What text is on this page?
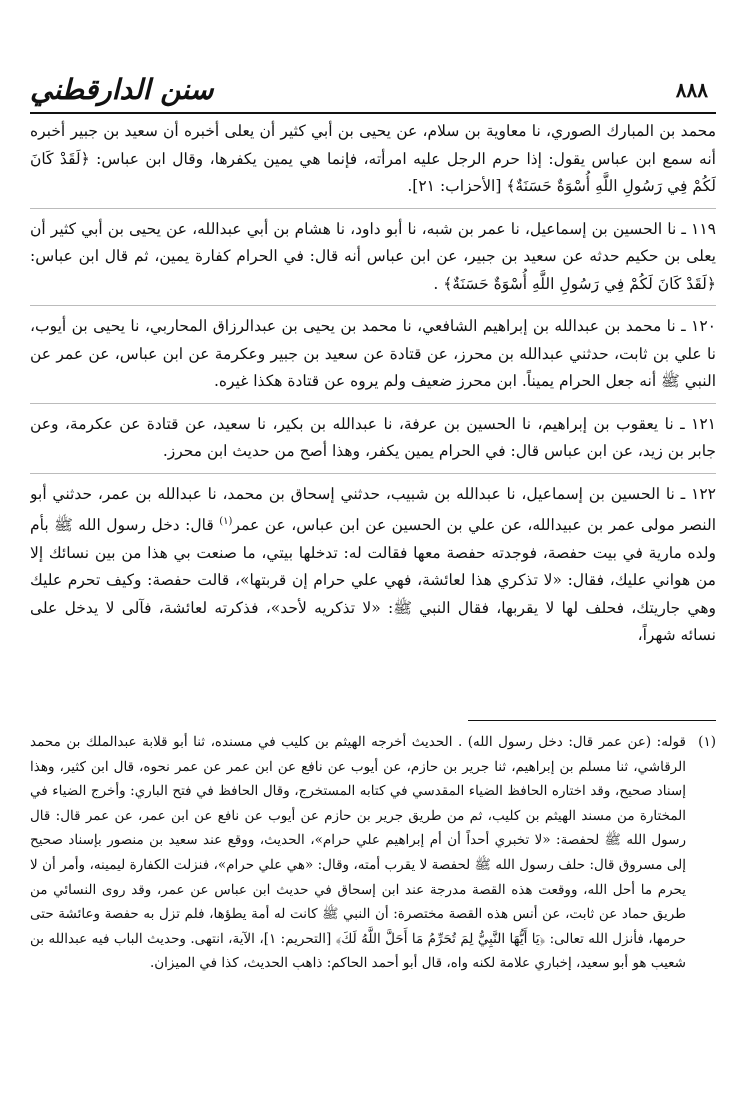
سنن الدارقطني	٨٨٨

محمد بن المبارك الصوري، نا معاوية بن سلام، عن يحيى بن أبي كثير أن يعلى أخبره أن سعيد بن جبير أخبره أنه سمع ابن عباس يقول: إذا حرم الرجل عليه امرأته، فإنما هي يمين يكفرها، وقال ابن عباس: ﴿لَقَدْ كَانَ لَكُمْ فِي رَسُولِ اللَّهِ أُسْوَةٌ حَسَنَةٌ﴾ [الأحزاب: ٢١].

١١٩ ـ نا الحسين بن إسماعيل، نا عمر بن شبه، نا أبو داود، نا هشام بن أبي عبدالله، عن يحيى بن أبي كثير أن يعلى بن حكيم حدثه عن سعيد بن جبير، عن ابن عباس أنه قال: في الحرام كفارة يمين، ثم قال ابن عباس: ﴿لَقَدْ كَانَ لَكُمْ فِي رَسُولِ اللَّهِ أُسْوَةٌ حَسَنَةٌ﴾ .

١٢٠ ـ نا محمد بن عبدالله بن إبراهيم الشافعي، نا محمد بن يحيى بن عبدالرزاق المحاربي، نا يحيى بن أيوب، نا علي بن ثابت، حدثني عبدالله بن محرز، عن قتادة عن سعيد بن جبير وعكرمة عن ابن عباس، عن عمر عن النبي ﷺ أنه جعل الحرام يميناً. ابن محرز ضعيف ولم يروه عن قتادة هكذا غيره.

١٢١ ـ نا يعقوب بن إبراهيم، نا الحسين بن عرفة، نا عبدالله بن بكير، نا سعيد، عن قتادة عن عكرمة، وعن جابر بن زيد، عن ابن عباس قال: في الحرام يمين يكفر، وهذا أصح من حديث ابن محرز.

١٢٢ ـ نا الحسين بن إسماعيل، نا عبدالله بن شبيب، حدثني إسحاق بن محمد، نا عبدالله بن عمر، حدثني أبو النصر مولى عمر بن عبيدالله، عن علي بن الحسين عن ابن عباس، عن عمر$^{(١)}$ قال: دخل رسول الله ﷺ بأم ولده مارية في بيت حفصة، فوجدته حفصة معها فقالت له: تدخلها بيتي، ما صنعت بي هذا من بين نسائك إلا من هواني عليك، فقال: «لا تذكري هذا لعائشة، فهي علي حرام إن قربتها»، قالت حفصة: وكيف تحرم عليك وهي جاريتك، فحلف لها لا يقربها، فقال النبي ﷺ: «لا تذكريه لأحد»، فذكرته لعائشة، فآلى لا يدخل على نسائه شهراً،

(١)
قوله: (عن عمر قال: دخل رسول الله) . الحديث أخرجه الهيثم بن كليب في مسنده، ثنا أبو قلابة عبدالملك بن محمد الرقاشي، ثنا مسلم بن إبراهيم، ثنا جرير بن حازم، عن أيوب عن نافع عن ابن عمر عن عمر نحوه، قال ابن كثير، وهذا إسناد صحيح، وقد اختاره الحافظ الضياء المقدسي في كتابه المستخرج، وقال الحافظ في فتح الباري: وأخرج الضياء في المختارة من مسند الهيثم بن كليب، ثم من طريق جرير بن حازم عن أيوب عن نافع عن ابن عمر، عن عمر قال: قال رسول الله ﷺ لحفصة: «لا تخبري أحداً أن أم إبراهيم علي حرام»، الحديث، ووقع عند سعيد بن منصور بإسناد صحيح إلى مسروق قال: حلف رسول الله ﷺ لحفصة لا يقرب أمته، وقال: «هي علي حرام»، فنزلت الكفارة ليمينه، وأمر أن لا يحرم ما أحل الله، ووقعت هذه القصة مدرجة عند ابن إسحاق في حديث ابن عباس عن عمر، وقد روى النسائي من طريق حماد عن ثابت، عن أنس هذه القصة مختصرة: أن النبي ﷺ كانت له أمة يطؤها، فلم تزل به حفصة وعائشة حتى حرمها، فأنزل الله تعالى: ﴿يَا أَيُّهَا النَّبِيُّ لِمَ تُحَرِّمُ مَا أَحَلَّ اللَّهُ لَكَ﴾ [التحريم: ١]، الآية، انتهى. وحديث الباب فيه عبدالله بن شعيب هو أبو سعيد، إخباري علامة لكنه واه، قال أبو أحمد الحاكم: ذاهب الحديث، كذا في الميزان.
